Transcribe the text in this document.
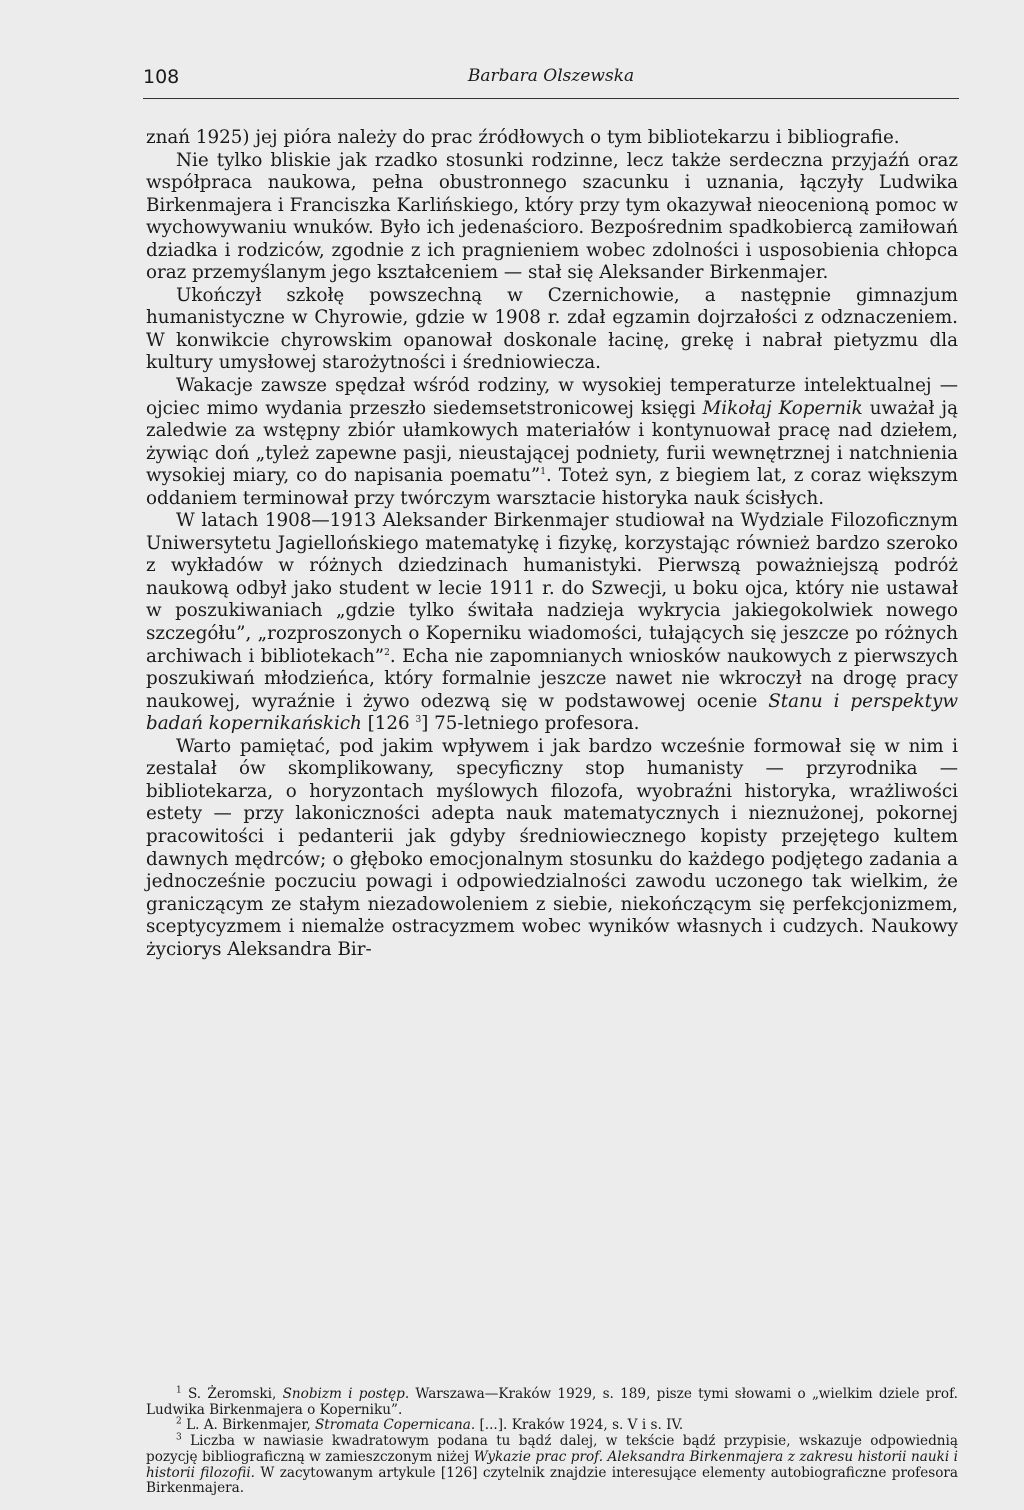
108	Barbara Olszewska

znań 1925) jej pióra należy do prac źródłowych o tym bibliotekarzu i bibliografie.

Nie tylko bliskie jak rzadko stosunki rodzinne, lecz także serdeczna przyjaźń oraz współpraca naukowa, pełna obustronnego szacunku i uznania, łączyły Ludwika Birkenmajera i Franciszka Karlińskiego, który przy tym okazywał nieocenioną pomoc w wychowywaniu wnuków. Było ich jedenaścioro. Bezpośrednim spadkobiercą zamiłowań dziadka i rodziców, zgodnie z ich pragnieniem wobec zdolności i usposobienia chłopca oraz przemyślanym jego kształceniem — stał się Aleksander Birkenmajer.

Ukończył szkołę powszechną w Czernichowie, a następnie gimnazjum humanistyczne w Chyrowie, gdzie w 1908 r. zdał egzamin dojrzałości z odznaczeniem. W konwikcie chyrowskim opanował doskonale łacinę, grekę i nabrał pietyzmu dla kultury umysłowej starożytności i średniowiecza.

Wakacje zawsze spędzał wśród rodziny, w wysokiej temperaturze intelektualnej — ojciec mimo wydania przeszło siedemsetstronicowej księgi Mikołaj Kopernik uważał ją zaledwie za wstępny zbiór ułamkowych materiałów i kontynuował pracę nad dziełem, żywiąc doń „tyleż zapewne pasji, nieustającej podniety, furii wewnętrznej i natchnienia wysokiej miary, co do napisania poematu”$^1$. Toteż syn, z biegiem lat, z coraz większym oddaniem terminował przy twórczym warsztacie historyka nauk ścisłych.

W latach 1908—1913 Aleksander Birkenmajer studiował na Wydziale Filozoficznym Uniwersytetu Jagiellońskiego matematykę i fizykę, korzystając również bardzo szeroko z wykładów w różnych dziedzinach humanistyki. Pierwszą poważniejszą podróż naukową odbył jako student w lecie 1911 r. do Szwecji, u boku ojca, który nie ustawał w poszukiwaniach „gdzie tylko świtała nadzieja wykrycia jakiegokolwiek nowego szczegółu”, „rozproszonych o Koperniku wiadomości, tułających się jeszcze po różnych archiwach i bibliotekach”$^2$. Echa nie zapomnianych wniosków naukowych z pierwszych poszukiwań młodzieńca, który formalnie jeszcze nawet nie wkroczył na drogę pracy naukowej, wyraźnie i żywo odezwą się w podstawowej ocenie Stanu i perspektyw badań kopernikańskich [126 $^3$] 75-letniego profesora.

Warto pamiętać, pod jakim wpływem i jak bardzo wcześnie formował się w nim i zestalał ów skomplikowany, specyficzny stop humanisty — przyrodnika — bibliotekarza, o horyzontach myślowych filozofa, wyobraźni historyka, wrażliwości estety — przy lakoniczności adepta nauk matematycznych i nieznużonej, pokornej pracowitości i pedanterii jak gdyby średniowiecznego kopisty przejętego kultem dawnych mędrców; o głęboko emocjonalnym stosunku do każdego podjętego zadania a jednocześnie poczuciu powagi i odpowiedzialności zawodu uczonego tak wielkim, że graniczącym ze stałym niezadowoleniem z siebie, niekończącym się perfekcjonizmem, sceptycyzmem i niemalże ostracyzmem wobec wyników własnych i cudzych. Naukowy życiorys Aleksandra Bir-

$^1$ S. Żeromski, Snobizm i postęp. Warszawa—Kraków 1929, s. 189, pisze tymi słowami o „wielkim dziele prof. Ludwika Birkenmajera o Koperniku”.

$^2$ L. A. Birkenmajer, Stromata Copernicana. [...]. Kraków 1924, s. V i s. IV.

$^3$ Liczba w nawiasie kwadratowym podana tu bądź dalej, w tekście bądź przypisie, wskazuje odpowiednią pozycję bibliograficzną w zamieszczonym niżej Wykazie prac prof. Aleksandra Birkenmajera z zakresu historii nauki i historii filozofii. W zacytowanym artykule [126] czytelnik znajdzie interesujące elementy autobiograficzne profesora Birkenmajera.
